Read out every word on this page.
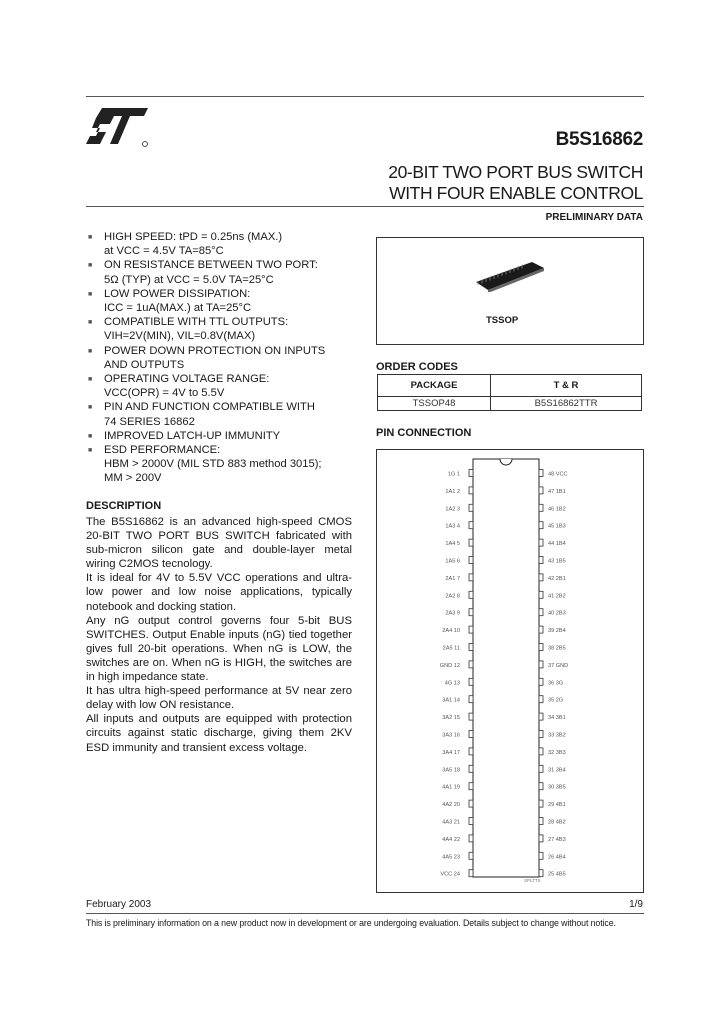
B5S16862
20-BIT TWO PORT BUS SWITCH
WITH FOUR ENABLE CONTROL
PRELIMINARY DATA
■ HIGH SPEED: tPD = 0.25ns (MAX.)
at VCC = 4.5V TA=85°C
■ ON RESISTANCE BETWEEN TWO PORT:
5Ω (TYP) at VCC = 5.0V TA=25°C
■ LOW POWER DISSIPATION:
ICC = 1uA(MAX.) at TA=25°C
■ COMPATIBLE WITH TTL OUTPUTS:
VIH=2V(MIN), VIL=0.8V(MAX)
■ POWER DOWN PROTECTION ON INPUTS
AND OUTPUTS
■ OPERATING VOLTAGE RANGE:
VCC(OPR) = 4V to 5.5V
■ PIN AND FUNCTION COMPATIBLE WITH
74 SERIES 16862
■ IMPROVED LATCH-UP IMMUNITY
■ ESD PERFORMANCE:
HBM > 2000V (MIL STD 883 method 3015);
MM > 200V
DESCRIPTION

The B5S16862 is an advanced high-speed CMOS 20-BIT TWO PORT BUS SWITCH fabricated with sub-micron silicon gate and double-layer metal wiring C2MOS tecnology.

It is ideal for 4V to 5.5V VCC operations and ultra-low power and low noise applications, typically notebook and docking station.

Any nG output control governs four 5-bit BUS SWITCHES. Output Enable inputs (nG) tied together gives full 20-bit operations. When nG is LOW, the switches are on. When nG is HIGH, the switches are in high impedance state.

It has ultra high-speed performance at 5V near zero delay with low ON resistance.

All inputs and outputs are equipped with protection circuits against static discharge, giving them 2KV ESD immunity and transient excess voltage.

TSSOP
ORDER CODES
PACKAGE	T & R
TSSOP48	B5S16862TTR
PIN CONNECTION
1G 1	48 VCC
1A1 2	47 1B1
1A2 3	46 1B2
1A3 4	45 1B3
1A4 5	44 1B4
1A5 6	43 1B5
2A1 7	42 2B1
2A2 8	41 2B2
2A3 9	40 2B3
2A4 10	39 2B4
2A5 11	38 2B5
GND 12	37 GND
4G 13	36 3G
3A1 14	35 2G
3A2 15	34 3B1
3A3 16	33 3B2
3A4 17	32 3B3
3A5 18	31 3B4
4A1 19	30 3B5
4A2 20	29 4B1
4A3 21	28 4B2
4A4 22	27 4B3
4A5 23	26 4B4
VCC 24	25 4B5
SPLTTS
February 2003	1/9
This is preliminary information on a new product now in development or are undergoing evaluation. Details subject to change without notice.
